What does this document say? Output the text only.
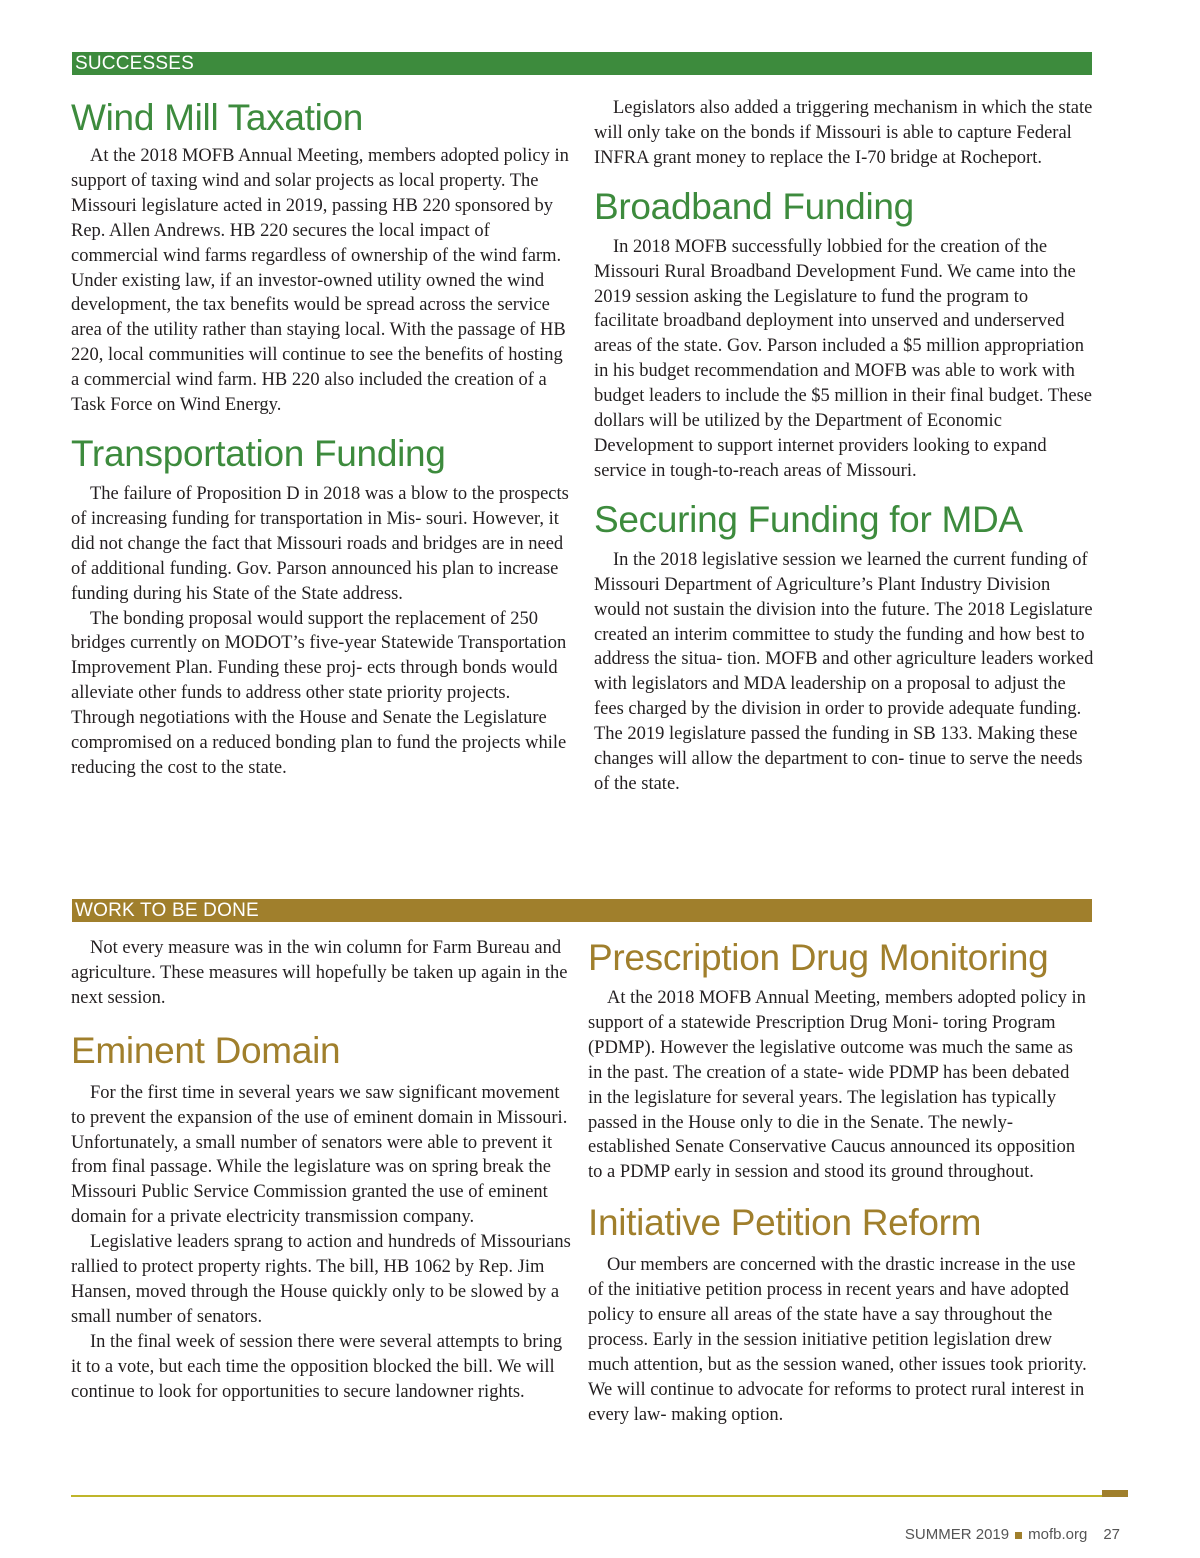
SUCCESSES
Wind Mill Taxation

At the 2018 MOFB Annual Meeting, members adopted policy in support of taxing wind and solar projects as local property. The Missouri legislature acted in 2019, passing HB 220 sponsored by Rep. Allen Andrews. HB 220 secures the local impact of commercial wind farms regardless of ownership of the wind farm. Under existing law, if an investor-owned utility owned the wind development, the tax benefits would be spread across the service area of the utility rather than staying local. With the passage of HB 220, local communities will continue to see the benefits of hosting a commercial wind farm. HB 220 also included the creation of a Task Force on Wind Energy.

Transportation Funding

The failure of Proposition D in 2018 was a blow to the prospects of increasing funding for transportation in Mis- souri. However, it did not change the fact that Missouri roads and bridges are in need of additional funding. Gov. Parson announced his plan to increase funding during his State of the State address.

The bonding proposal would support the replacement of 250 bridges currently on MODOT’s five-year Statewide Transportation Improvement Plan. Funding these proj- ects through bonds would alleviate other funds to address other state priority projects. Through negotiations with the House and Senate the Legislature compromised on a reduced bonding plan to fund the projects while reducing the cost to the state.

Legislators also added a triggering mechanism in which the state will only take on the bonds if Missouri is able to capture Federal INFRA grant money to replace the I-70 bridge at Rocheport.

Broadband Funding

In 2018 MOFB successfully lobbied for the creation of the Missouri Rural Broadband Development Fund. We came into the 2019 session asking the Legislature to fund the program to facilitate broadband deployment into unserved and underserved areas of the state. Gov. Parson included a $5 million appropriation in his budget recommendation and MOFB was able to work with budget leaders to include the $5 million in their final budget. These dollars will be utilized by the Department of Economic Development to support internet providers looking to expand service in tough-to-reach areas of Missouri.

Securing Funding for MDA

In the 2018 legislative session we learned the current funding of Missouri Department of Agriculture’s Plant Industry Division would not sustain the division into the future. The 2018 Legislature created an interim committee to study the funding and how best to address the situa- tion. MOFB and other agriculture leaders worked with legislators and MDA leadership on a proposal to adjust the fees charged by the division in order to provide adequate funding. The 2019 legislature passed the funding in SB 133. Making these changes will allow the department to con- tinue to serve the needs of the state.

WORK TO BE DONE

Not every measure was in the win column for Farm Bureau and agriculture. These measures will hopefully be taken up again in the next session.

Eminent Domain

For the first time in several years we saw significant movement to prevent the expansion of the use of eminent domain in Missouri. Unfortunately, a small number of senators were able to prevent it from final passage. While the legislature was on spring break the Missouri Public Service Commission granted the use of eminent domain for a private electricity transmission company.

Legislative leaders sprang to action and hundreds of Missourians rallied to protect property rights. The bill, HB 1062 by Rep. Jim Hansen, moved through the House quickly only to be slowed by a small number of senators.

In the final week of session there were several attempts to bring it to a vote, but each time the opposition blocked the bill. We will continue to look for opportunities to secure landowner rights.

Prescription Drug Monitoring

At the 2018 MOFB Annual Meeting, members adopted policy in support of a statewide Prescription Drug Moni- toring Program (PDMP). However the legislative outcome was much the same as in the past. The creation of a state- wide PDMP has been debated in the legislature for several years. The legislation has typically passed in the House only to die in the Senate. The newly-established Senate Conservative Caucus announced its opposition to a PDMP early in session and stood its ground throughout.

Initiative Petition Reform

Our members are concerned with the drastic increase in the use of the initiative petition process in recent years and have adopted policy to ensure all areas of the state have a say throughout the process. Early in the session initiative petition legislation drew much attention, but as the session waned, other issues took priority. We will continue to advocate for reforms to protect rural interest in every law- making option.

SUMMER 2019 mofb.org 27
